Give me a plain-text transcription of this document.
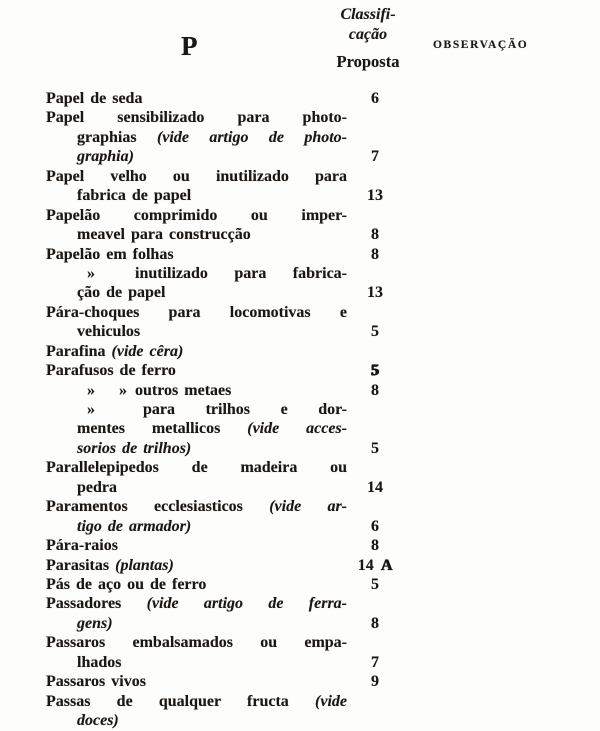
P
Classifi-
cação
Proposta
OBSERVAÇÃO
Papel de seda	6
Papel sensibilizado para photo-
graphias (vide artigo de photo-
graphia)	7
Papel velho ou inutilizado para
fabrica de papel	13
Papelão comprimido ou imper-
meavel para construcção	8
Papelão em folhas	8
»   inutilizado para fabrica-
ção de papel	13
Pára-choques para locomotivas e
vehiculos	5
Parafina (vide cêra)
Parafusos de ferro	5
»  » outros metaes	8
»    para trilhos e dor-
mentes metallicos (vide acces-
sorios de trilhos)	5
Parallelepipedos de madeira ou
pedra	14
Paramentos ecclesiasticos (vide ar-
tigo de armador)	6
Pára-raios	8
Parasitas (plantas)	14 A
Pás de aço ou de ferro	5
Passadores (vide artigo de ferra-
gens)	8
Passaros embalsamados ou empa-
lhados	7
Passaros vivos	9
Passas de qualquer fructa (vide
doces)
